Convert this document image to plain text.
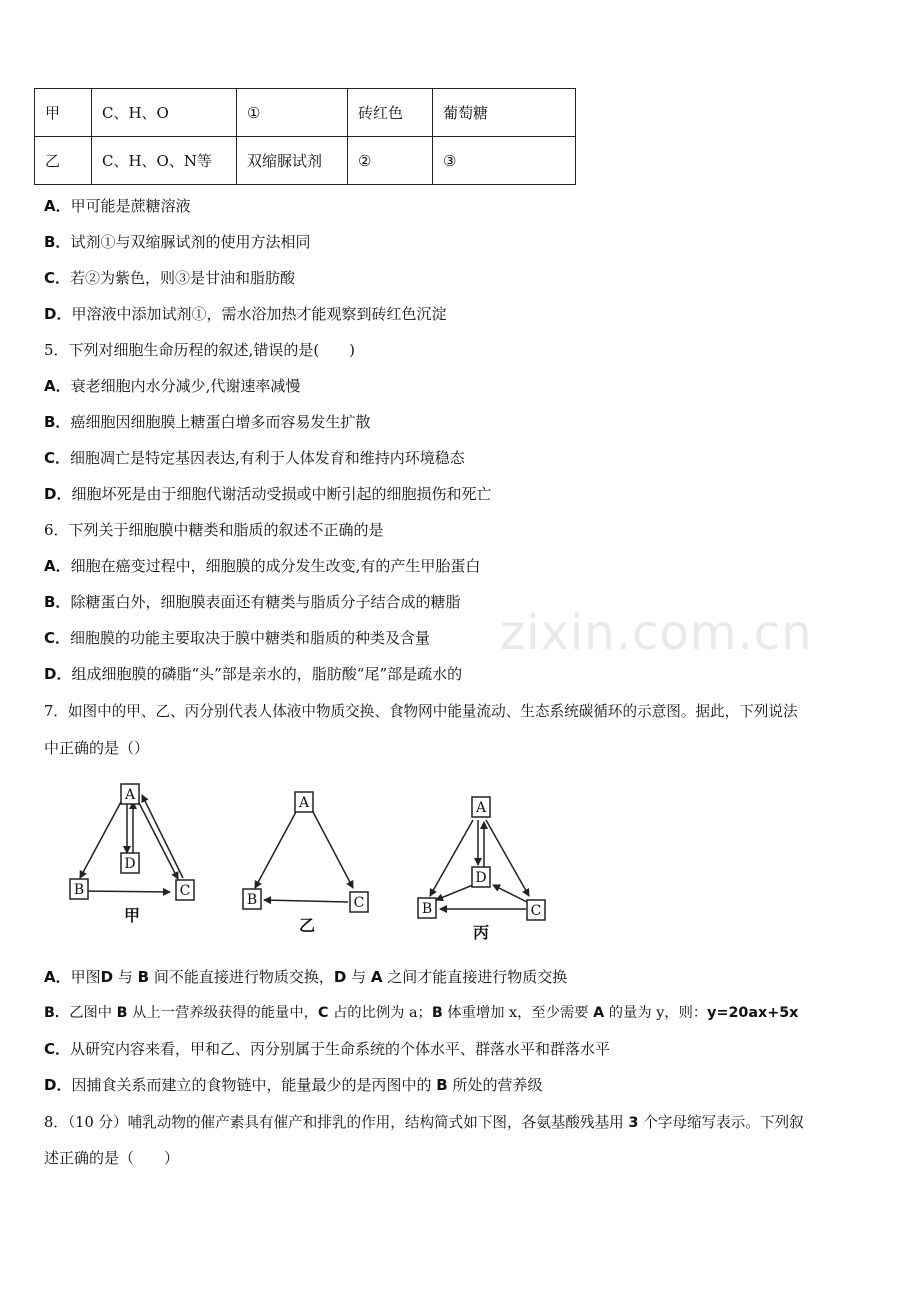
甲	C、H、O	①	砖红色	葡萄糖
乙	C、H、O、N等	双缩脲试剂	②	③
A．甲可能是蔗糖溶液
B．试剂①与双缩脲试剂的使用方法相同
C．若②为紫色，则③是甘油和脂肪酸
D．甲溶液中添加试剂①，需水浴加热才能观察到砖红色沉淀
5．下列对细胞生命历程的叙述,错误的是(　　)
A．衰老细胞内水分减少,代谢速率减慢
B．癌细胞因细胞膜上糖蛋白增多而容易发生扩散
C．细胞凋亡是特定基因表达,有利于人体发育和维持内环境稳态
D．细胞坏死是由于细胞代谢活动受损或中断引起的细胞损伤和死亡
6．下列关于细胞膜中糖类和脂质的叙述不正确的是
A．细胞在癌变过程中，细胞膜的成分发生改变,有的产生甲胎蛋白
B．除糖蛋白外，细胞膜表面还有糖类与脂质分子结合成的糖脂
C．细胞膜的功能主要取决于膜中糖类和脂质的种类及含量
D．组成细胞膜的磷脂“头”部是亲水的，脂肪酸“尾”部是疏水的
zixin.com.cn
7．如图中的甲、乙、丙分别代表人体液中物质交换、食物网中能量流动、生态系统碳循环的示意图。据此，下列说法
中正确的是（）
A
D
B	C
A
B	C
A
D
B	C
甲
乙	丙
A．甲图D 与 B 间不能直接进行物质交换，D 与 A 之间才能直接进行物质交换
B．乙图中 B 从上一营养级获得的能量中，C 占的比例为 a；B 体重增加 x，至少需要 A 的量为 y，则：y=20ax+5x
C．从研究内容来看，甲和乙、丙分别属于生命系统的个体水平、群落水平和群落水平
D．因捕食关系而建立的食物链中，能量最少的是丙图中的 B 所处的营养级
8．（10 分）哺乳动物的催产素具有催产和排乳的作用，结构简式如下图，各氨基酸残基用 3 个字母缩写表示。下列叙
述正确的是（　　）
